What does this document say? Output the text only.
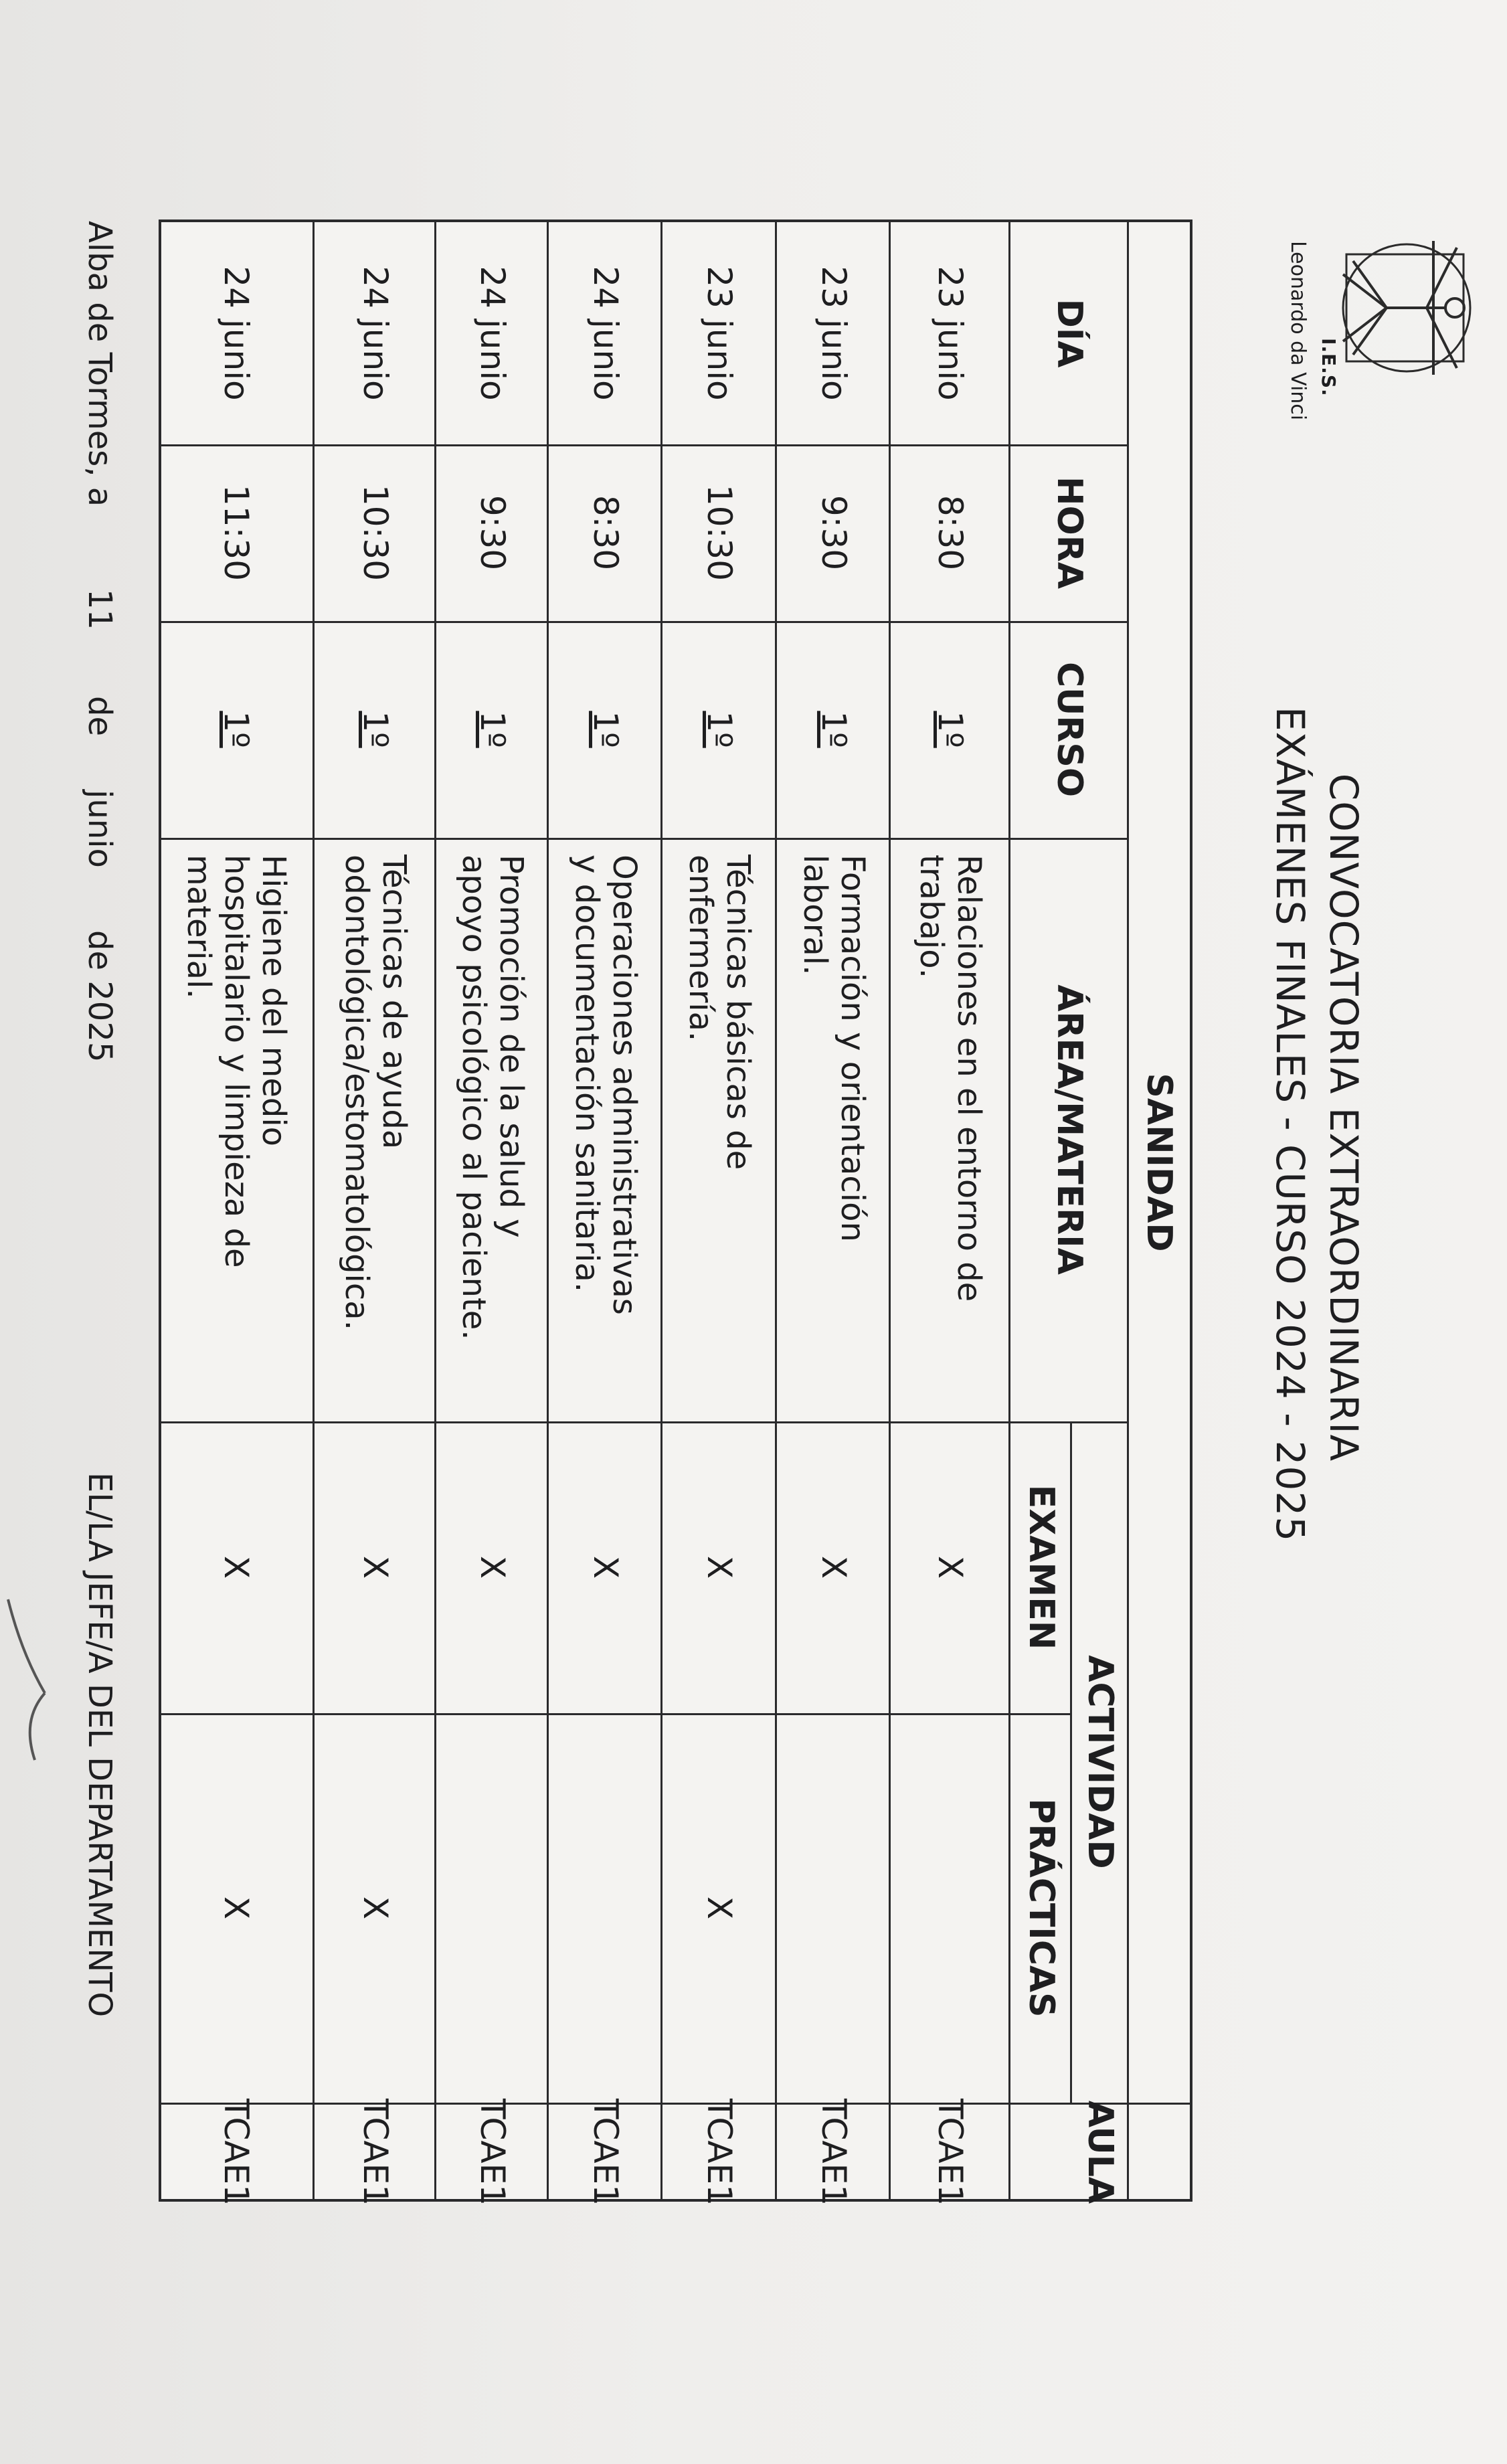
I.E.S.
Leonardo da Vinci
CONVOCATORIA EXTRAORDINARIA
EXÁMENES FINALES - CURSO 2024 - 2025
SANIDAD
DÍA
HORA
CURSO
ÁREA/MATERIA
ACTIVIDAD
EXAMEN
PRÁCTICAS
AULA
23 junio
8:30
1º
Relaciones en el entorno de
trabajo.
X
TCAE1
23 junio
9:30
1º
Formación y orientación
laboral.
X
TCAE1
23 junio
10:30
1º
Técnicas básicas de
enfermería.
X
X
TCAE1
24 junio
8:30
1º
Operaciones administrativas
y documentación sanitaria.
X
TCAE1
24 junio
9:30
1º
Promoción de la salud y
apoyo psicológico al paciente.
X
TCAE1
24 junio
10:30
1º
Técnicas de ayuda
odontológica/estomatológica.
X
X
TCAE1
24 junio
11:30
1º
Higiene del medio
hospitalario y limpieza de
material.
X
X
TCAE1
Alba de Tormes, a
11
de
junio
de 2025
EL/LA JEFE/A DEL DEPARTAMENTO
